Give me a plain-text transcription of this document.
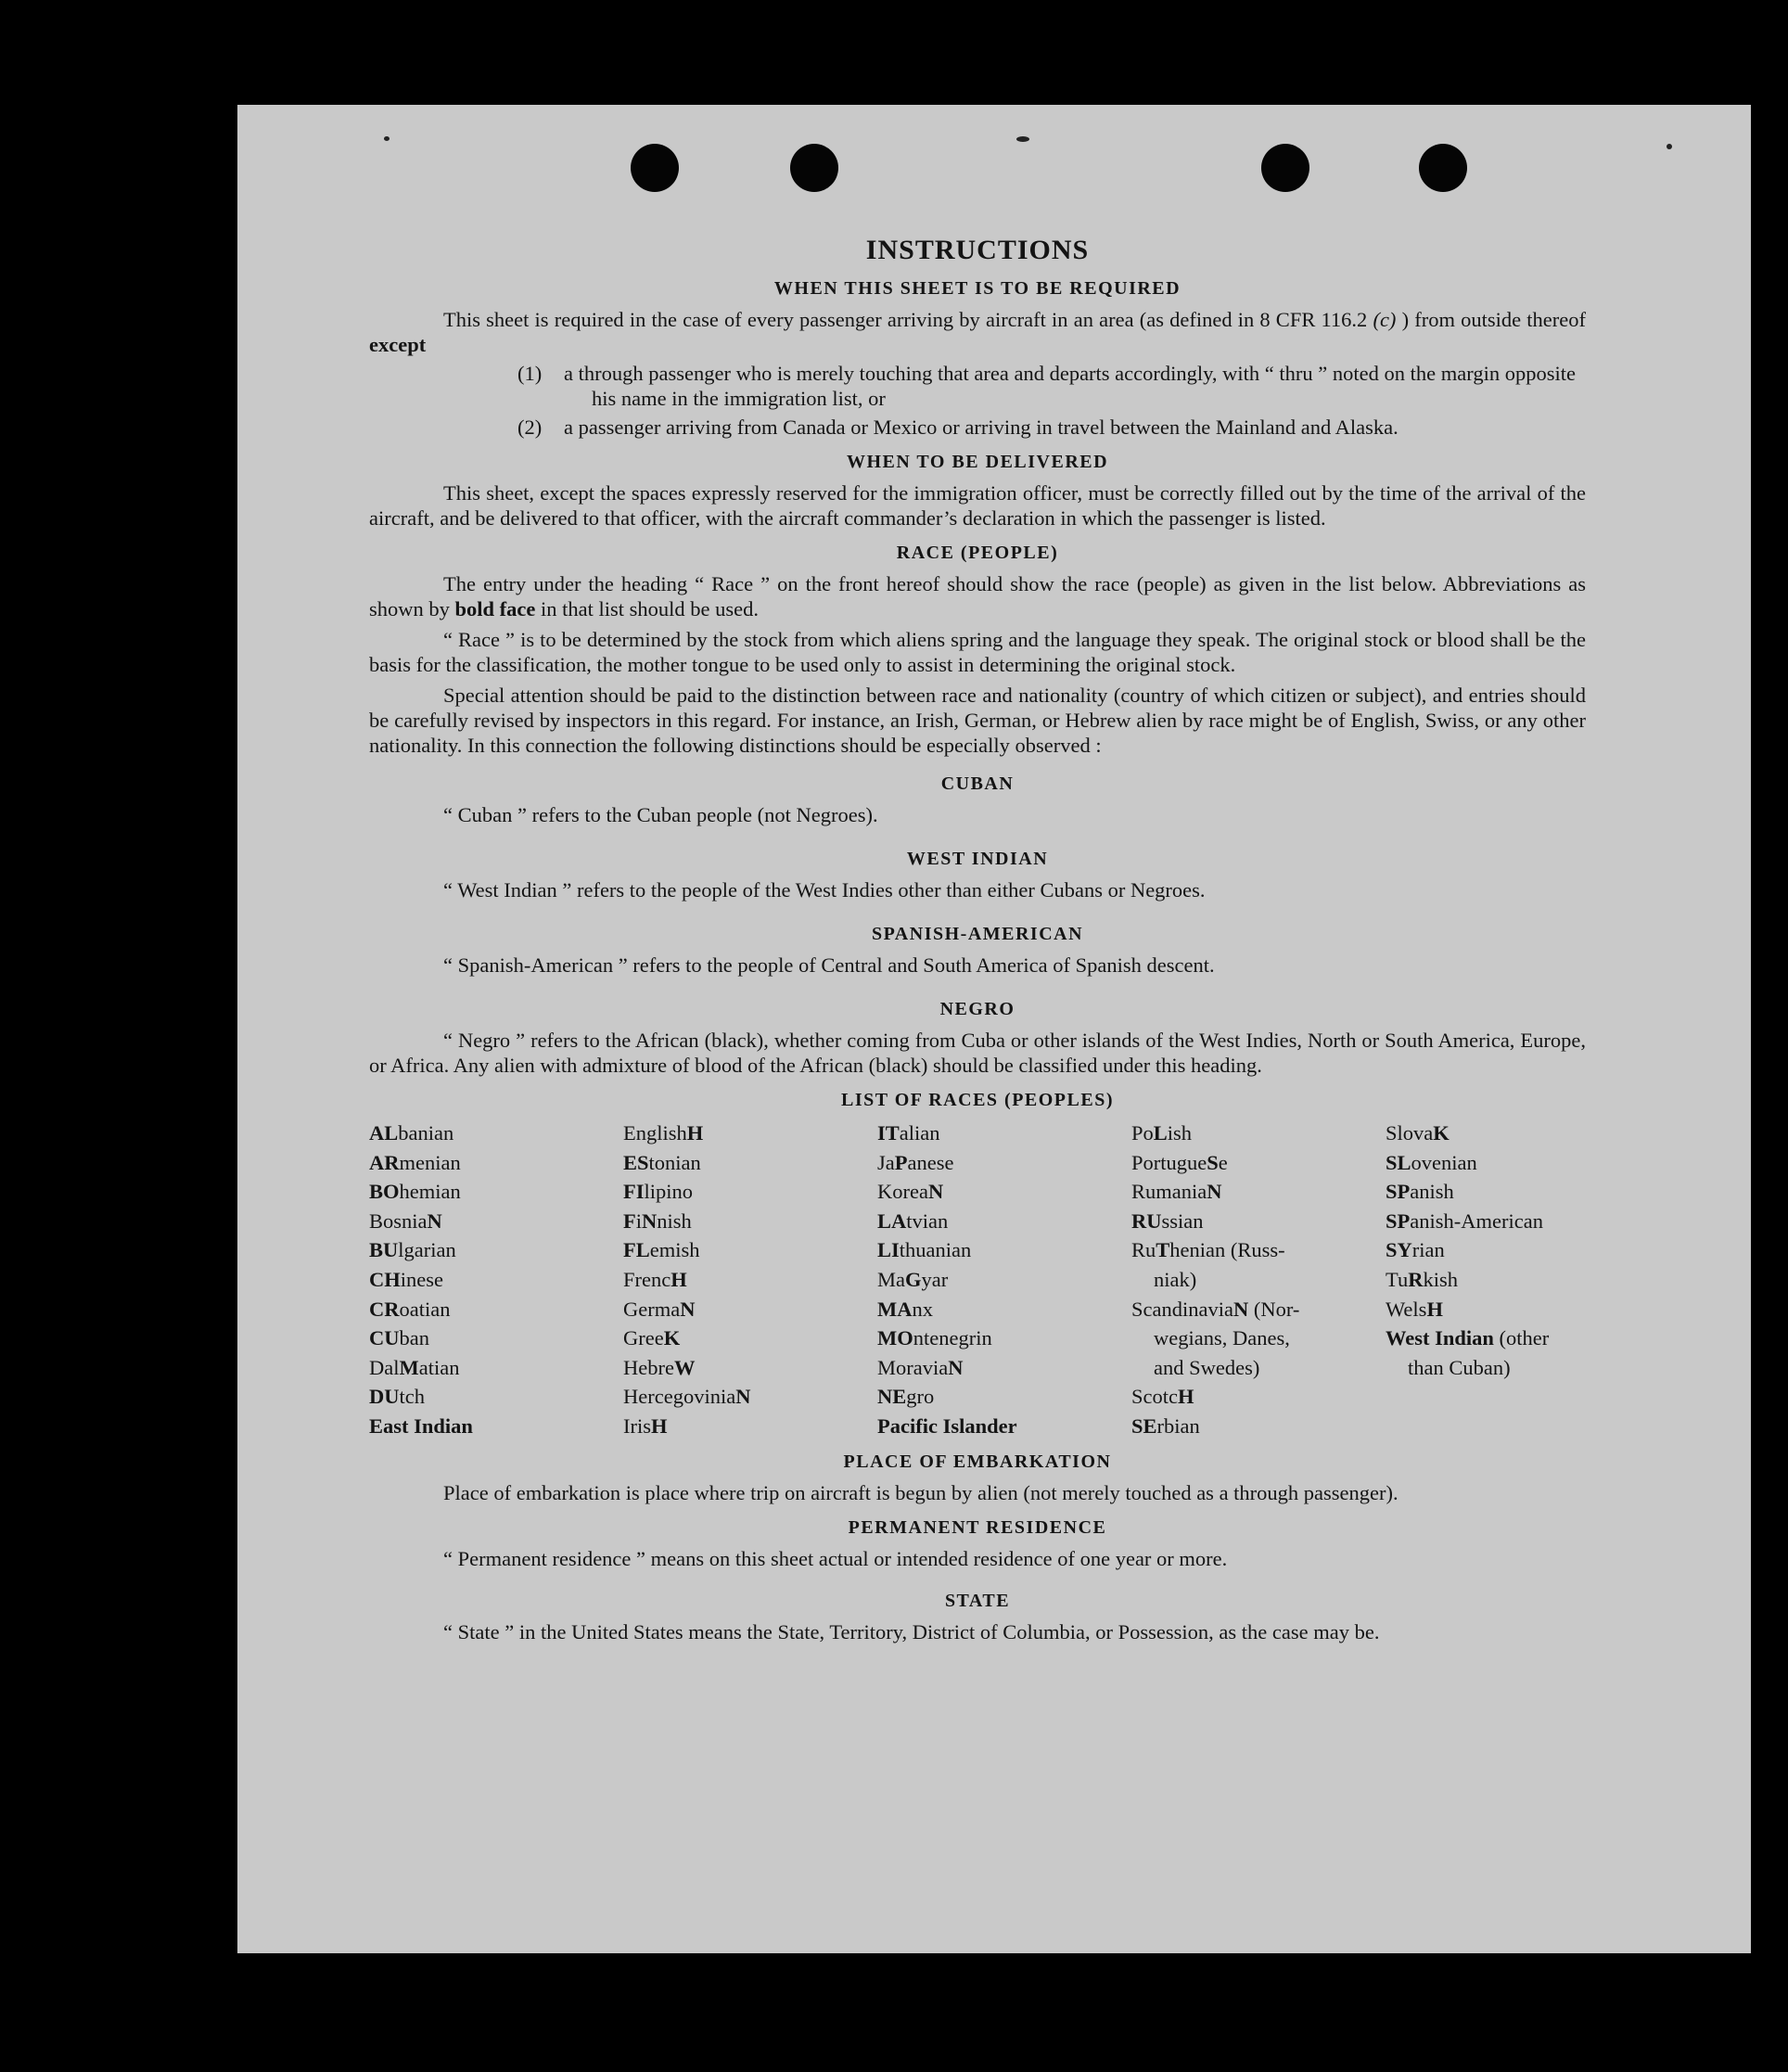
INSTRUCTIONS
WHEN THIS SHEET IS TO BE REQUIRED

This sheet is required in the case of every passenger arriving by aircraft in an area (as defined in 8 CFR 116.2 (c) ) from outside thereof except

(1)	a through passenger who is merely touching that area and departs accordingly, with “ thru ” noted on the margin opposite his name in the immigration list, or
(2)	a passenger arriving from Canada or Mexico or arriving in travel between the Mainland and Alaska.
WHEN TO BE DELIVERED

This sheet, except the spaces expressly reserved for the immigration officer, must be correctly filled out by the time of the arrival of the aircraft, and be delivered to that officer, with the aircraft commander’s declaration in which the passenger is listed.

RACE (PEOPLE)

The entry under the heading “ Race ” on the front hereof should show the race (people) as given in the list below. Abbreviations as shown by bold face in that list should be used.

“ Race ” is to be determined by the stock from which aliens spring and the language they speak. The original stock or blood shall be the basis for the classification, the mother tongue to be used only to assist in determining the original stock.

Special attention should be paid to the distinction between race and nationality (country of which citizen or subject), and entries should be carefully revised by inspectors in this regard. For instance, an Irish, German, or Hebrew alien by race might be of English, Swiss, or any other nationality. In this connection the following distinctions should be especially observed :

CUBAN

“ Cuban ” refers to the Cuban people (not Negroes).

WEST INDIAN

“ West Indian ” refers to the people of the West Indies other than either Cubans or Negroes.

SPANISH-AMERICAN

“ Spanish-American ” refers to the people of Central and South America of Spanish descent.

NEGRO

“ Negro ” refers to the African (black), whether coming from Cuba or other islands of the West Indies, North or South America, Europe, or Africa. Any alien with admixture of blood of the African (black) should be classified under this heading.

LIST OF RACES (PEOPLES)
ALbanian
ARmenian
BOhemian
BosniaN
BUlgarian
CHinese
CRoatian
CUban
DalMatian
DUtch
East Indian
EnglishH
EStonian
FIlipino
FiNnish
FLemish
FrencH
GermaN
GreeK
HebreW
HercegoviniaN
IrisH
ITalian
JaPanese
KoreaN
LAtvian
LIthuanian
MaGyar
MAnx
MOntenegrin
MoraviaN
NEgro
Pacific Islander
PoLish
PortugueSe
RumaniaN
RUssian
RuThenian (Russ-
niak)
ScandinaviaN (Nor-
wegians, Danes,
and Swedes)
ScotcH
SErbian
SlovaK
SLovenian
SPanish
SPanish-American
SYrian
TuRkish
WelsH
West Indian (other
than Cuban)
PLACE OF EMBARKATION

Place of embarkation is place where trip on aircraft is begun by alien (not merely touched as a through passenger).

PERMANENT RESIDENCE

“ Permanent residence ” means on this sheet actual or intended residence of one year or more.

STATE

“ State ” in the United States means the State, Territory, District of Columbia, or Possession, as the case may be.
